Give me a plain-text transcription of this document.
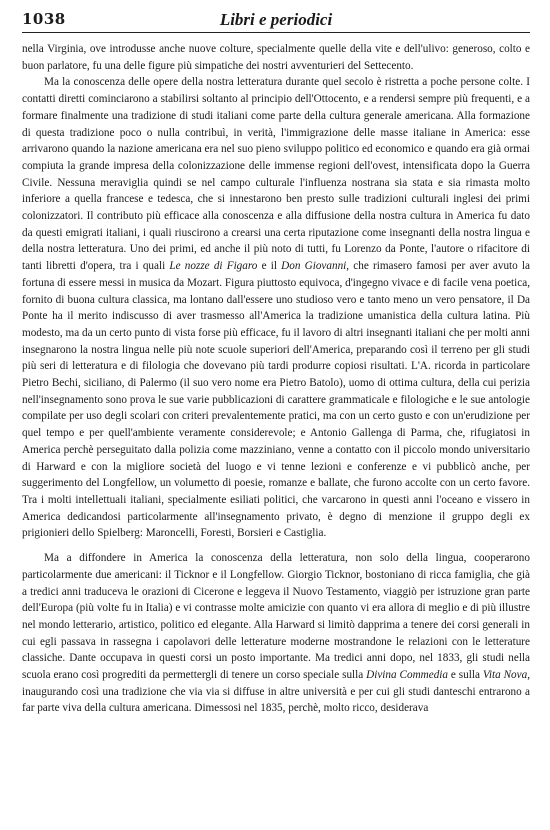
1038	Libri e periodici

nella Virginia, ove introdusse anche nuove colture, specialmente quelle della vite e dell'ulivo: generoso, colto e buon parlatore, fu una delle figure più simpatiche dei nostri avventurieri del Settecento.

Ma la conoscenza delle opere della nostra letteratura durante quel secolo è ristretta a poche persone colte. I contatti diretti cominciarono a stabilirsi soltanto al principio dell'Ottocento, e a rendersi sempre più frequenti, e a formare finalmente una tradizione di studi italiani come parte della cultura generale americana. Alla formazione di questa tradizione poco o nulla contribuì, in verità, l'immigrazione delle masse italiane in America: esse arrivarono quando la nazione americana era nel suo pieno sviluppo politico ed economico e quando era già ormai compiuta la grande impresa della colonizzazione delle immense regioni dell'ovest, intensificata dopo la Guerra Civile. Nessuna meraviglia quindi se nel campo culturale l'influenza nostrana sia stata e sia rimasta molto inferiore a quella francese e tedesca, che si innestarono ben presto sulle tradizioni culturali inglesi dei primi colonizzatori. Il contributo più efficace alla conoscenza e alla diffusione della nostra cultura in America fu dato da questi emigrati italiani, i quali riuscirono a crearsi una certa riputazione come insegnanti della nostra lingua e della nostra letteratura. Uno dei primi, ed anche il più noto di tutti, fu Lorenzo da Ponte, l'autore o rifacitore di tanti libretti d'opera, tra i quali Le nozze di Figaro e il Don Giovanni, che rimasero famosi per aver avuto la fortuna di essere messi in musica da Mozart. Figura piuttosto equivoca, d'ingegno vivace e di facile vena poetica, fornito di buona cultura classica, ma lontano dall'essere uno studioso vero e tanto meno un vero pensatore, il Da Ponte ha il merito indiscusso di aver trasmesso all'America la tradizione umanistica della cultura latina. Più modesto, ma da un certo punto di vista forse più efficace, fu il lavoro di altri insegnanti italiani che per molti anni insegnarono la nostra lingua nelle più note scuole superiori dell'America, preparando così il terreno per gli studi più seri di letteratura e di filologia che dovevano più tardi produrre copiosi risultati. L'A. ricorda in particolare Pietro Bechi, siciliano, di Palermo (il suo vero nome era Pietro Batolo), uomo di ottima cultura, della cui perizia nell'insegnamento sono prova le sue varie pubblicazioni di carattere grammaticale e filologiche e le sue antologie compilate per uso degli scolari con criteri prevalentemente pratici, ma con un certo gusto e con un'erudizione per quel tempo e per quell'ambiente veramente considerevole; e Antonio Gallenga di Parma, che, rifugiatosi in America perchè perseguitato dalla polizia come mazziniano, venne a contatto con il piccolo mondo universitario di Harward e con la migliore società del luogo e vi tenne lezioni e conferenze e vi pubblicò anche, per suggerimento del Longfellow, un volumetto di poesie, romanze e ballate, che furono accolte con un certo favore. Tra i molti intellettuali italiani, specialmente esiliati politici, che varcarono in questi anni l'oceano e vissero in America dedicandosi particolarmente all'insegnamento privato, è degno di menzione il gruppo degli ex prigionieri dello Spielberg: Maroncelli, Foresti, Borsieri e Castiglia.

Ma a diffondere in America la conoscenza della letteratura, non solo della lingua, cooperarono particolarmente due americani: il Ticknor e il Longfellow. Giorgio Ticknor, bostoniano di ricca famiglia, che già a tredici anni traduceva le orazioni di Cicerone e leggeva il Nuovo Testamento, viaggiò per istruzione gran parte dell'Europa (più volte fu in Italia) e vi contrasse molte amicizie con quanto vi era allora di meglio e di più illustre nel mondo letterario, artistico, politico ed elegante. Alla Harward si limitò dapprima a tenere dei corsi generali in cui egli passava in rassegna i capolavori delle letterature moderne mostrandone le relazioni con le letterature classiche. Dante occupava in questi corsi un posto importante. Ma tredici anni dopo, nel 1833, gli studi nella scuola erano così progrediti da permettergli di tenere un corso speciale sulla Divina Commedia e sulla Vita Nova, inaugurando così una tradizione che via via si diffuse in altre università e per cui gli studi danteschi entrarono a far parte viva della cultura americana. Dimessosi nel 1835, perchè, molto ricco, desiderava
